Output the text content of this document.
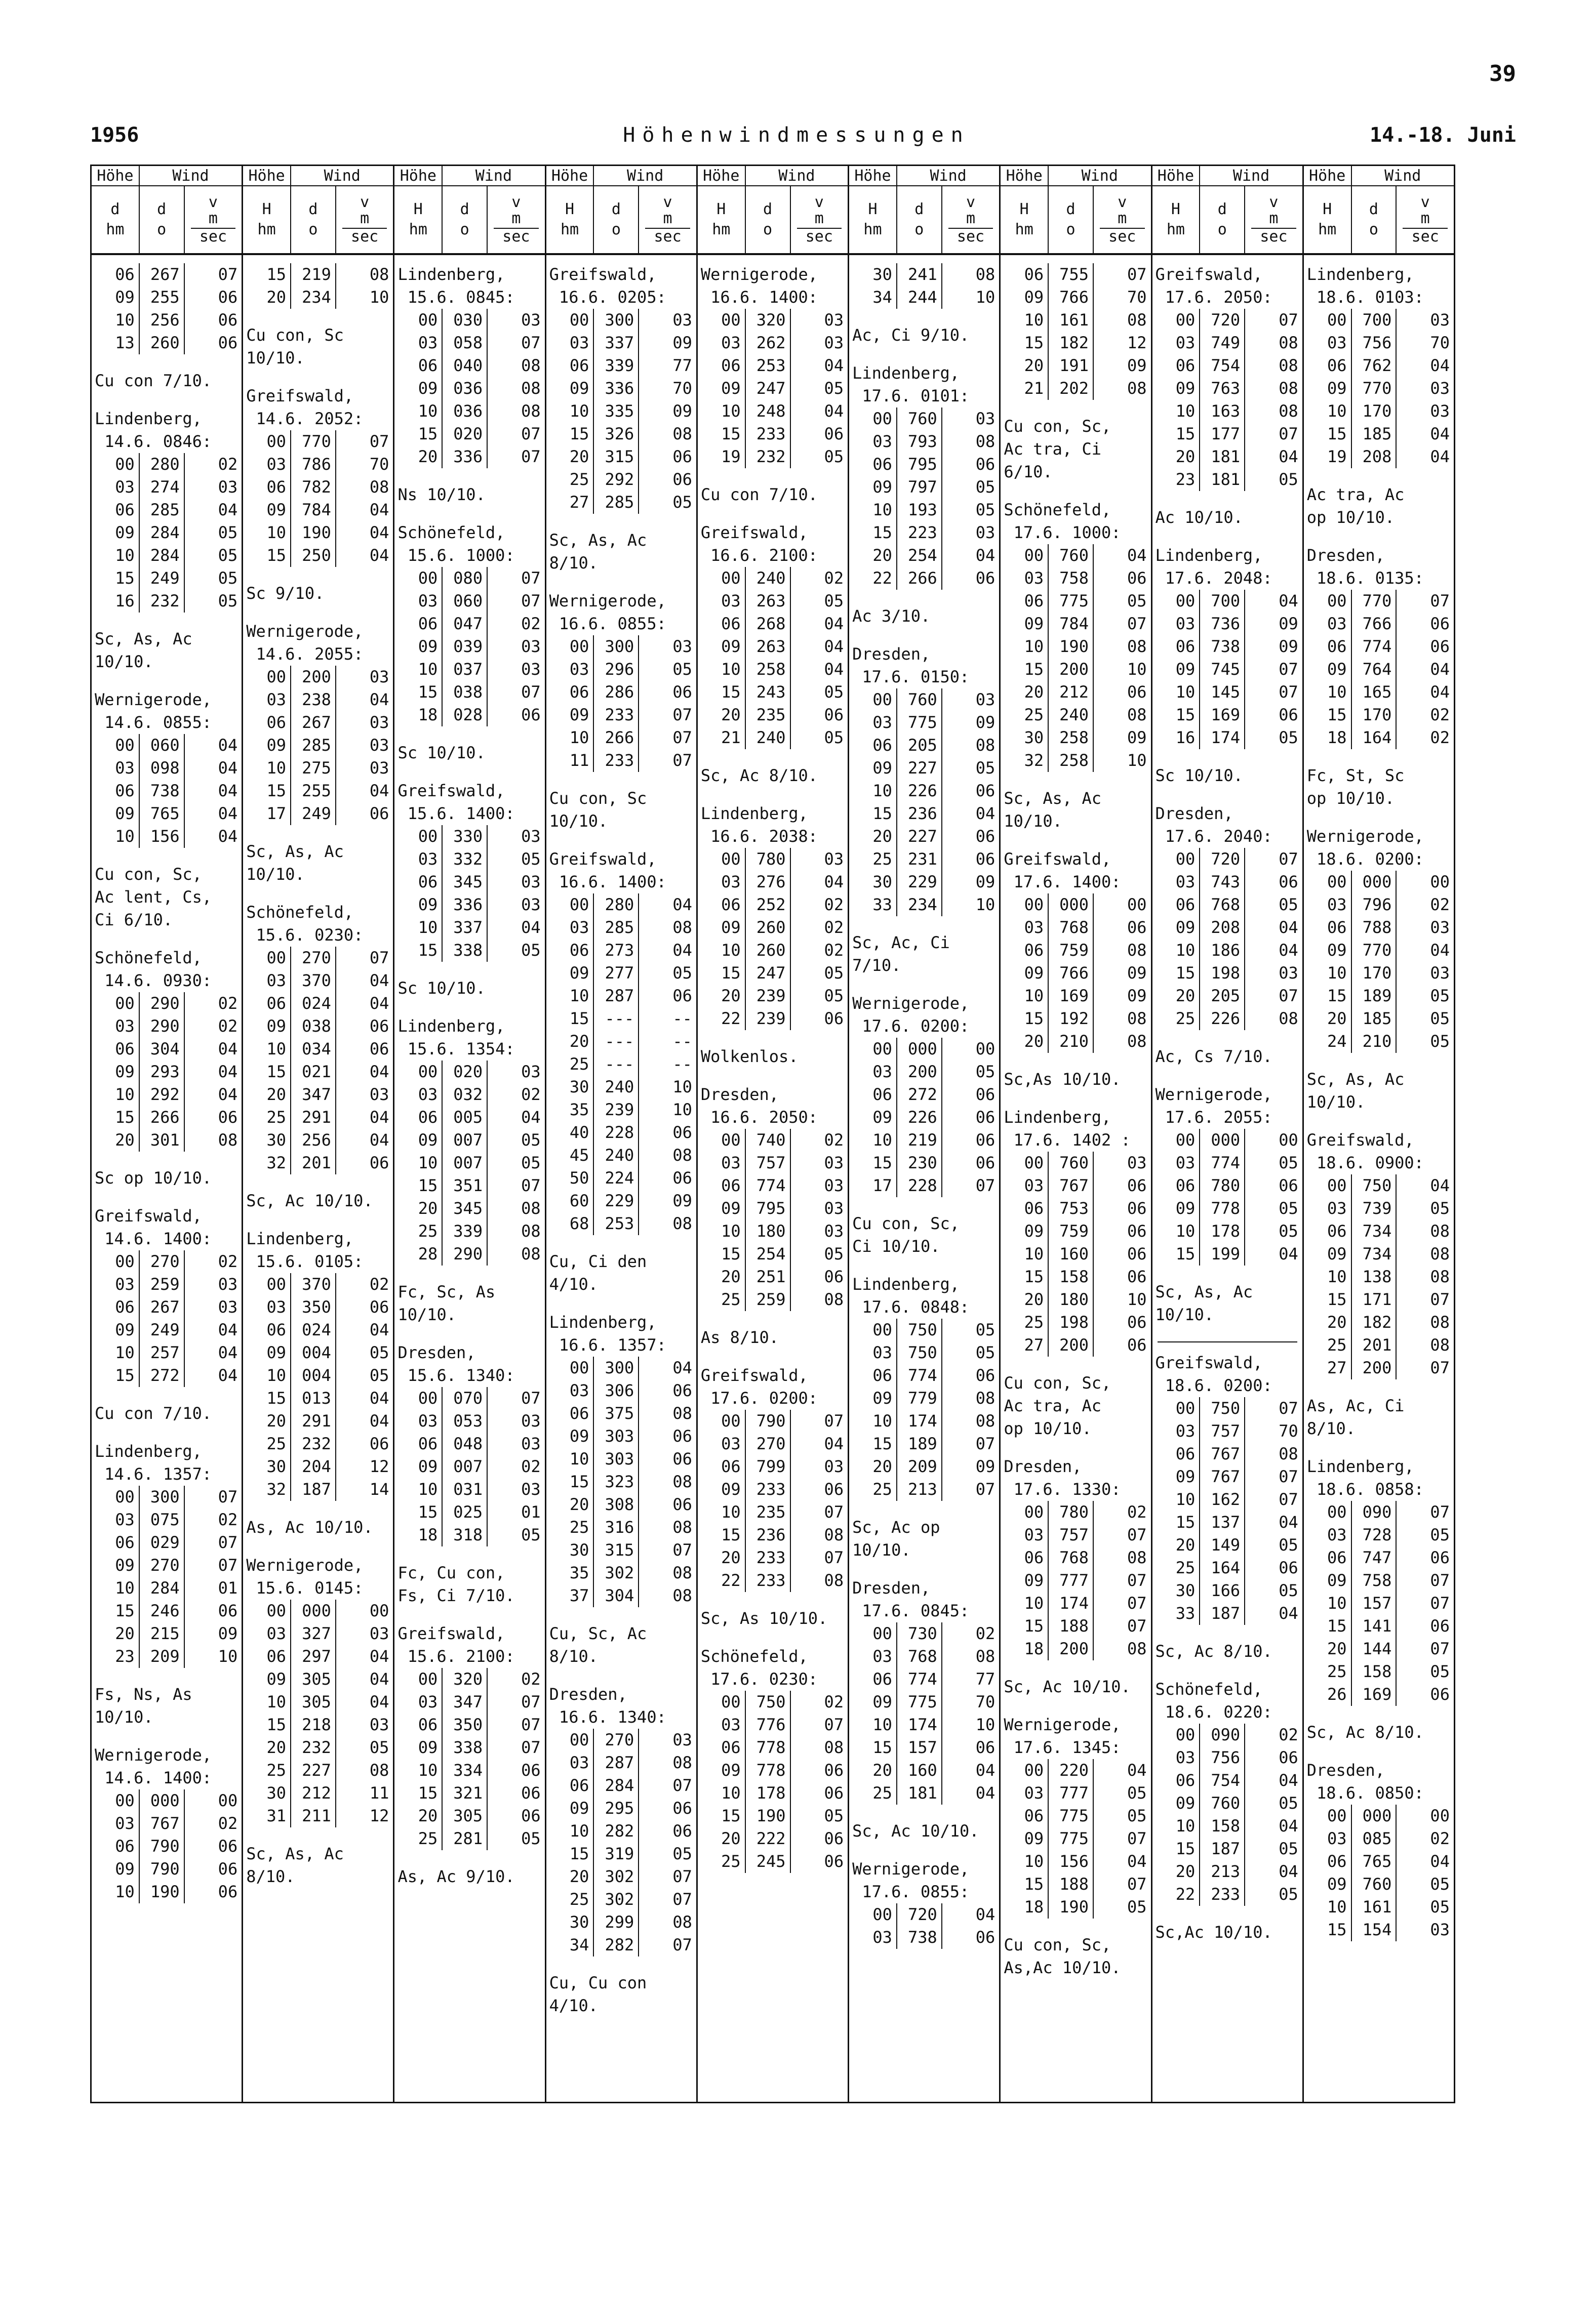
39
1956	Höhenwindmessungen	14.-18. Juni
Höhe	Wind
d
hm
d
o
v
m
sec
06 267	07
09 255	06
10 256	06
13 260	06
Cu con 7/10.
Lindenberg,
14.6. 0846:
00 280	02
03 274	03
06 285	04
09 284	05
10 284	05
15 249	05
16 232	05
Sc, As, Ac
10/10.
Wernigerode,
14.6. 0855:
00 060	04
03 098	04
06 738	04
09 765	04
10 156	04
Cu con, Sc,
Ac lent, Cs,
Ci 6/10.
Schönefeld,
14.6. 0930:
00 290	02
03 290	02
06 304	04
09 293	04
10 292	04
15 266	06
20 301	08
Sc op 10/10.
Greifswald,
14.6. 1400:
00 270	02
03 259	03
06 267	03
09 249	04
10 257	04
15 272	04
Cu con 7/10.
Lindenberg,
14.6. 1357:
00 300	07
03 075	02
06 029	07
09 270	07
10 284	01
15 246	06
20 215	09
23 209	10
Fs, Ns, As
10/10.
Wernigerode,
14.6. 1400:
00 000	00
03 767	02
06 790	06
09 790	06
10 190	06
Höhe	Wind
H
hm
d
o
v
m
sec
15 219	08
20 234	10
Cu con, Sc
10/10.
Greifswald,
14.6. 2052:
00 770	07
03 786	70
06 782	08
09 784	04
10 190	04
15 250	04
Sc 9/10.
Wernigerode,
14.6. 2055:
00 200	03
03 238	04
06 267	03
09 285	03
10 275	03
15 255	04
17 249	06
Sc, As, Ac
10/10.
Schönefeld,
15.6. 0230:
00 270	07
03 370	04
06 024	04
09 038	06
10 034	06
15 021	04
20 347	03
25 291	04
30 256	04
32 201	06
Sc, Ac 10/10.
Lindenberg,
15.6. 0105:
00 370	02
03 350	06
06 024	04
09 004	05
10 004	05
15 013	04
20 291	04
25 232	06
30 204	12
32 187	14
As, Ac 10/10.
Wernigerode,
15.6. 0145:
00 000	00
03 327	03
06 297	04
09 305	04
10 305	04
15 218	03
20 232	05
25 227	08
30 212	11
31 211	12
Sc, As, Ac
8/10.
Höhe	Wind
H
hm
d
o
v
m
sec
Lindenberg,
15.6. 0845:
00 030	03
03 058	07
06 040	08
09 036	08
10 036	08
15 020	07
20 336	07
Ns 10/10.
Schönefeld,
15.6. 1000:
00 080	07
03 060	07
06 047	02
09 039	03
10 037	03
15 038	07
18 028	06
Sc 10/10.
Greifswald,
15.6. 1400:
00 330	03
03 332	05
06 345	03
09 336	03
10 337	04
15 338	05
Sc 10/10.
Lindenberg,
15.6. 1354:
00 020	03
03 032	02
06 005	04
09 007	05
10 007	05
15 351	07
20 345	08
25 339	08
28 290	08
Fc, Sc, As
10/10.
Dresden,
15.6. 1340:
00 070	07
03 053	03
06 048	03
09 007	02
10 031	03
15 025	01
18 318	05
Fc, Cu con,
Fs, Ci 7/10.
Greifswald,
15.6. 2100:
00 320	02
03 347	07
06 350	07
09 338	07
10 334	06
15 321	06
20 305	06
25 281	05
As, Ac 9/10.
Höhe	Wind
H
hm
d
o
v
m
sec
Greifswald,
16.6. 0205:
00 300	03
03 337	09
06 339	77
09 336	70
10 335	09
15 326	08
20 315	06
25 292	06
27 285	05
Sc, As, Ac
8/10.
Wernigerode,
16.6. 0855:
00 300	03
03 296	05
06 286	06
09 233	07
10 266	07
11 233	07
Cu con, Sc
10/10.
Greifswald,
16.6. 1400:
00 280	04
03 285	08
06 273	04
09 277	05
10 287	06
15 ---	--
20 ---	--
25 ---	--
30 240	10
35 239	10
40 228	06
45 240	08
50 224	06
60 229	09
68 253	08
Cu, Ci den
4/10.
Lindenberg,
16.6. 1357:
00 300	04
03 306	06
06 375	08
09 303	06
10 303	06
15 323	08
20 308	06
25 316	08
30 315	07
35 302	08
37 304	08
Cu, Sc, Ac
8/10.
Dresden,
16.6. 1340:
00 270	03
03 287	08
06 284	07
09 295	06
10 282	06
15 319	05
20 302	07
25 302	07
30 299	08
34 282	07
Cu, Cu con
4/10.
Höhe	Wind
H
hm
d
o
v
m
sec
Wernigerode,
16.6. 1400:
00 320	03
03 262	03
06 253	04
09 247	05
10 248	04
15 233	06
19 232	05
Cu con 7/10.
Greifswald,
16.6. 2100:
00 240	02
03 263	05
06 268	04
09 263	04
10 258	04
15 243	05
20 235	06
21 240	05
Sc, Ac 8/10.
Lindenberg,
16.6. 2038:
00 780	03
03 276	04
06 252	02
09 260	02
10 260	02
15 247	05
20 239	05
22 239	06
Wolkenlos.
Dresden,
16.6. 2050:
00 740	02
03 757	03
06 774	03
09 795	03
10 180	03
15 254	05
20 251	06
25 259	08
As 8/10.
Greifswald,
17.6. 0200:
00 790	07
03 270	04
06 799	03
09 233	06
10 235	07
15 236	08
20 233	07
22 233	08
Sc, As 10/10.
Schönefeld,
17.6. 0230:
00 750	02
03 776	07
06 778	08
09 778	06
10 178	06
15 190	05
20 222	06
25 245	06
Höhe	Wind
H
hm
d
o
v
m
sec
30 241	08
34 244	10
Ac, Ci 9/10.
Lindenberg,
17.6. 0101:
00 760	03
03 793	08
06 795	06
09 797	05
10 193	05
15 223	03
20 254	04
22 266	06
Ac 3/10.
Dresden,
17.6. 0150:
00 760	03
03 775	09
06 205	08
09 227	05
10 226	06
15 236	04
20 227	06
25 231	06
30 229	09
33 234	10
Sc, Ac, Ci
7/10.
Wernigerode,
17.6. 0200:
00 000	00
03 200	05
06 272	06
09 226	06
10 219	06
15 230	06
17 228	07
Cu con, Sc,
Ci 10/10.
Lindenberg,
17.6. 0848:
00 750	05
03 750	05
06 774	06
09 779	08
10 174	08
15 189	07
20 209	09
25 213	07
Sc, Ac op
10/10.
Dresden,
17.6. 0845:
00 730	02
03 768	08
06 774	77
09 775	70
10 174	10
15 157	06
20 160	04
25 181	04
Sc, Ac 10/10.
Wernigerode,
17.6. 0855:
00 720	04
03 738	06
Höhe	Wind
H
hm
d
o
v
m
sec
06 755	07
09 766	70
10 161	08
15 182	12
20 191	09
21 202	08
Cu con, Sc,
Ac tra, Ci
6/10.
Schönefeld,
17.6. 1000:
00 760	04
03 758	06
06 775	05
09 784	07
10 190	08
15 200	10
20 212	06
25 240	08
30 258	09
32 258	10
Sc, As, Ac
10/10.
Greifswald,
17.6. 1400:
00 000	00
03 768	06
06 759	08
09 766	09
10 169	09
15 192	08
20 210	08
Sc,As 10/10.
Lindenberg,
17.6. 1402 :
00 760	03
03 767	06
06 753	06
09 759	06
10 160	06
15 158	06
20 180	10
25 198	06
27 200	06
Cu con, Sc,
Ac tra, Ac
op 10/10.
Dresden,
17.6. 1330:
00 780	02
03 757	07
06 768	08
09 777	07
10 174	07
15 188	07
18 200	08
Sc, Ac 10/10.
Wernigerode,
17.6. 1345:
00 220	04
03 777	05
06 775	05
09 775	07
10 156	04
15 188	07
18 190	05
Cu con, Sc,
As,Ac 10/10.
Höhe	Wind
H
hm
d
o
v
m
sec
Greifswald,
17.6. 2050:
00 720	07
03 749	08
06 754	08
09 763	08
10 163	08
15 177	07
20 181	04
23 181	05
Ac 10/10.
Lindenberg,
17.6. 2048:
00 700	04
03 736	09
06 738	09
09 745	07
10 145	07
15 169	06
16 174	05
Sc 10/10.
Dresden,
17.6. 2040:
00 720	07
03 743	06
06 768	05
09 208	04
10 186	04
15 198	03
20 205	07
25 226	08
Ac, Cs 7/10.
Wernigerode,
17.6. 2055:
00 000	00
03 774	05
06 780	06
09 778	05
10 178	05
15 199	04
Sc, As, Ac
10/10.
Greifswald,
18.6. 0200:
00 750	07
03 757	70
06 767	08
09 767	07
10 162	07
15 137	04
20 149	05
25 164	06
30 166	05
33 187	04
Sc, Ac 8/10.
Schönefeld,
18.6. 0220:
00 090	02
03 756	06
06 754	04
09 760	05
10 158	04
15 187	05
20 213	04
22 233	05
Sc,Ac 10/10.
Höhe	Wind
H
hm
d
o
v
m
sec
Lindenberg,
18.6. 0103:
00 700	03
03 756	70
06 762	04
09 770	03
10 170	03
15 185	04
19 208	04
Ac tra, Ac
op 10/10.
Dresden,
18.6. 0135:
00 770	07
03 766	06
06 774	06
09 764	04
10 165	04
15 170	02
18 164	02
Fc, St, Sc
op 10/10.
Wernigerode,
18.6. 0200:
00 000	00
03 796	02
06 788	03
09 770	04
10 170	03
15 189	05
20 185	05
24 210	05
Sc, As, Ac
10/10.
Greifswald,
18.6. 0900:
00 750	04
03 739	05
06 734	08
09 734	08
10 138	08
15 171	07
20 182	08
25 201	08
27 200	07
As, Ac, Ci
8/10.
Lindenberg,
18.6. 0858:
00 090	07
03 728	05
06 747	06
09 758	07
10 157	07
15 141	06
20 144	07
25 158	05
26 169	06
Sc, Ac 8/10.
Dresden,
18.6. 0850:
00 000	00
03 085	02
06 765	04
09 760	05
10 161	05
15 154	03
